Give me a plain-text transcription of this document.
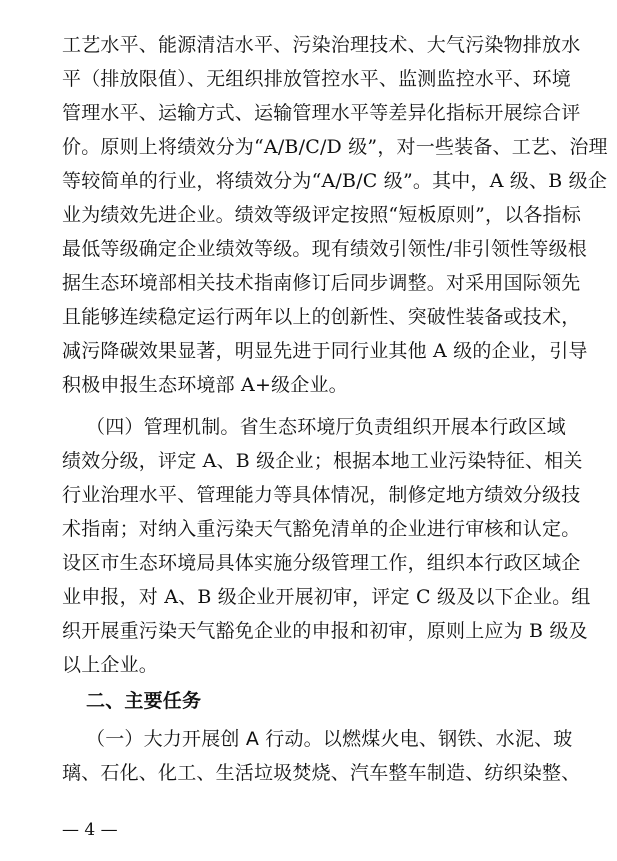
工艺水平、能源清洁水平、污染治理技术、大气污染物排放水
平（排放限值）、无组织排放管控水平、监测监控水平、环境
管理水平、运输方式、运输管理水平等差异化指标开展综合评
价。原则上将绩效分为“A/B/C/D 级”，对一些装备、工艺、治理
等较简单的行业，将绩效分为“A/B/C 级”。其中，A 级、B 级企
业为绩效先进企业。绩效等级评定按照“短板原则”，以各指标
最低等级确定企业绩效等级。现有绩效引领性/非引领性等级根
据生态环境部相关技术指南修订后同步调整。对采用国际领先
且能够连续稳定运行两年以上的创新性、突破性装备或技术，
减污降碳效果显著，明显先进于同行业其他 A 级的企业，引导
积极申报生态环境部 A+级企业。
（四）管理机制。省生态环境厅负责组织开展本行政区域
绩效分级，评定 A、B 级企业；根据本地工业污染特征、相关
行业治理水平、管理能力等具体情况，制修定地方绩效分级技
术指南；对纳入重污染天气豁免清单的企业进行审核和认定。
设区市生态环境局具体实施分级管理工作，组织本行政区域企
业申报，对 A、B 级企业开展初审，评定 C 级及以下企业。组
织开展重污染天气豁免企业的申报和初审，原则上应为 B 级及
以上企业。
二、主要任务
（一）大力开展创 A 行动。以燃煤火电、钢铁、水泥、玻
璃、石化、化工、生活垃圾焚烧、汽车整车制造、纺织染整、
— 4 —
